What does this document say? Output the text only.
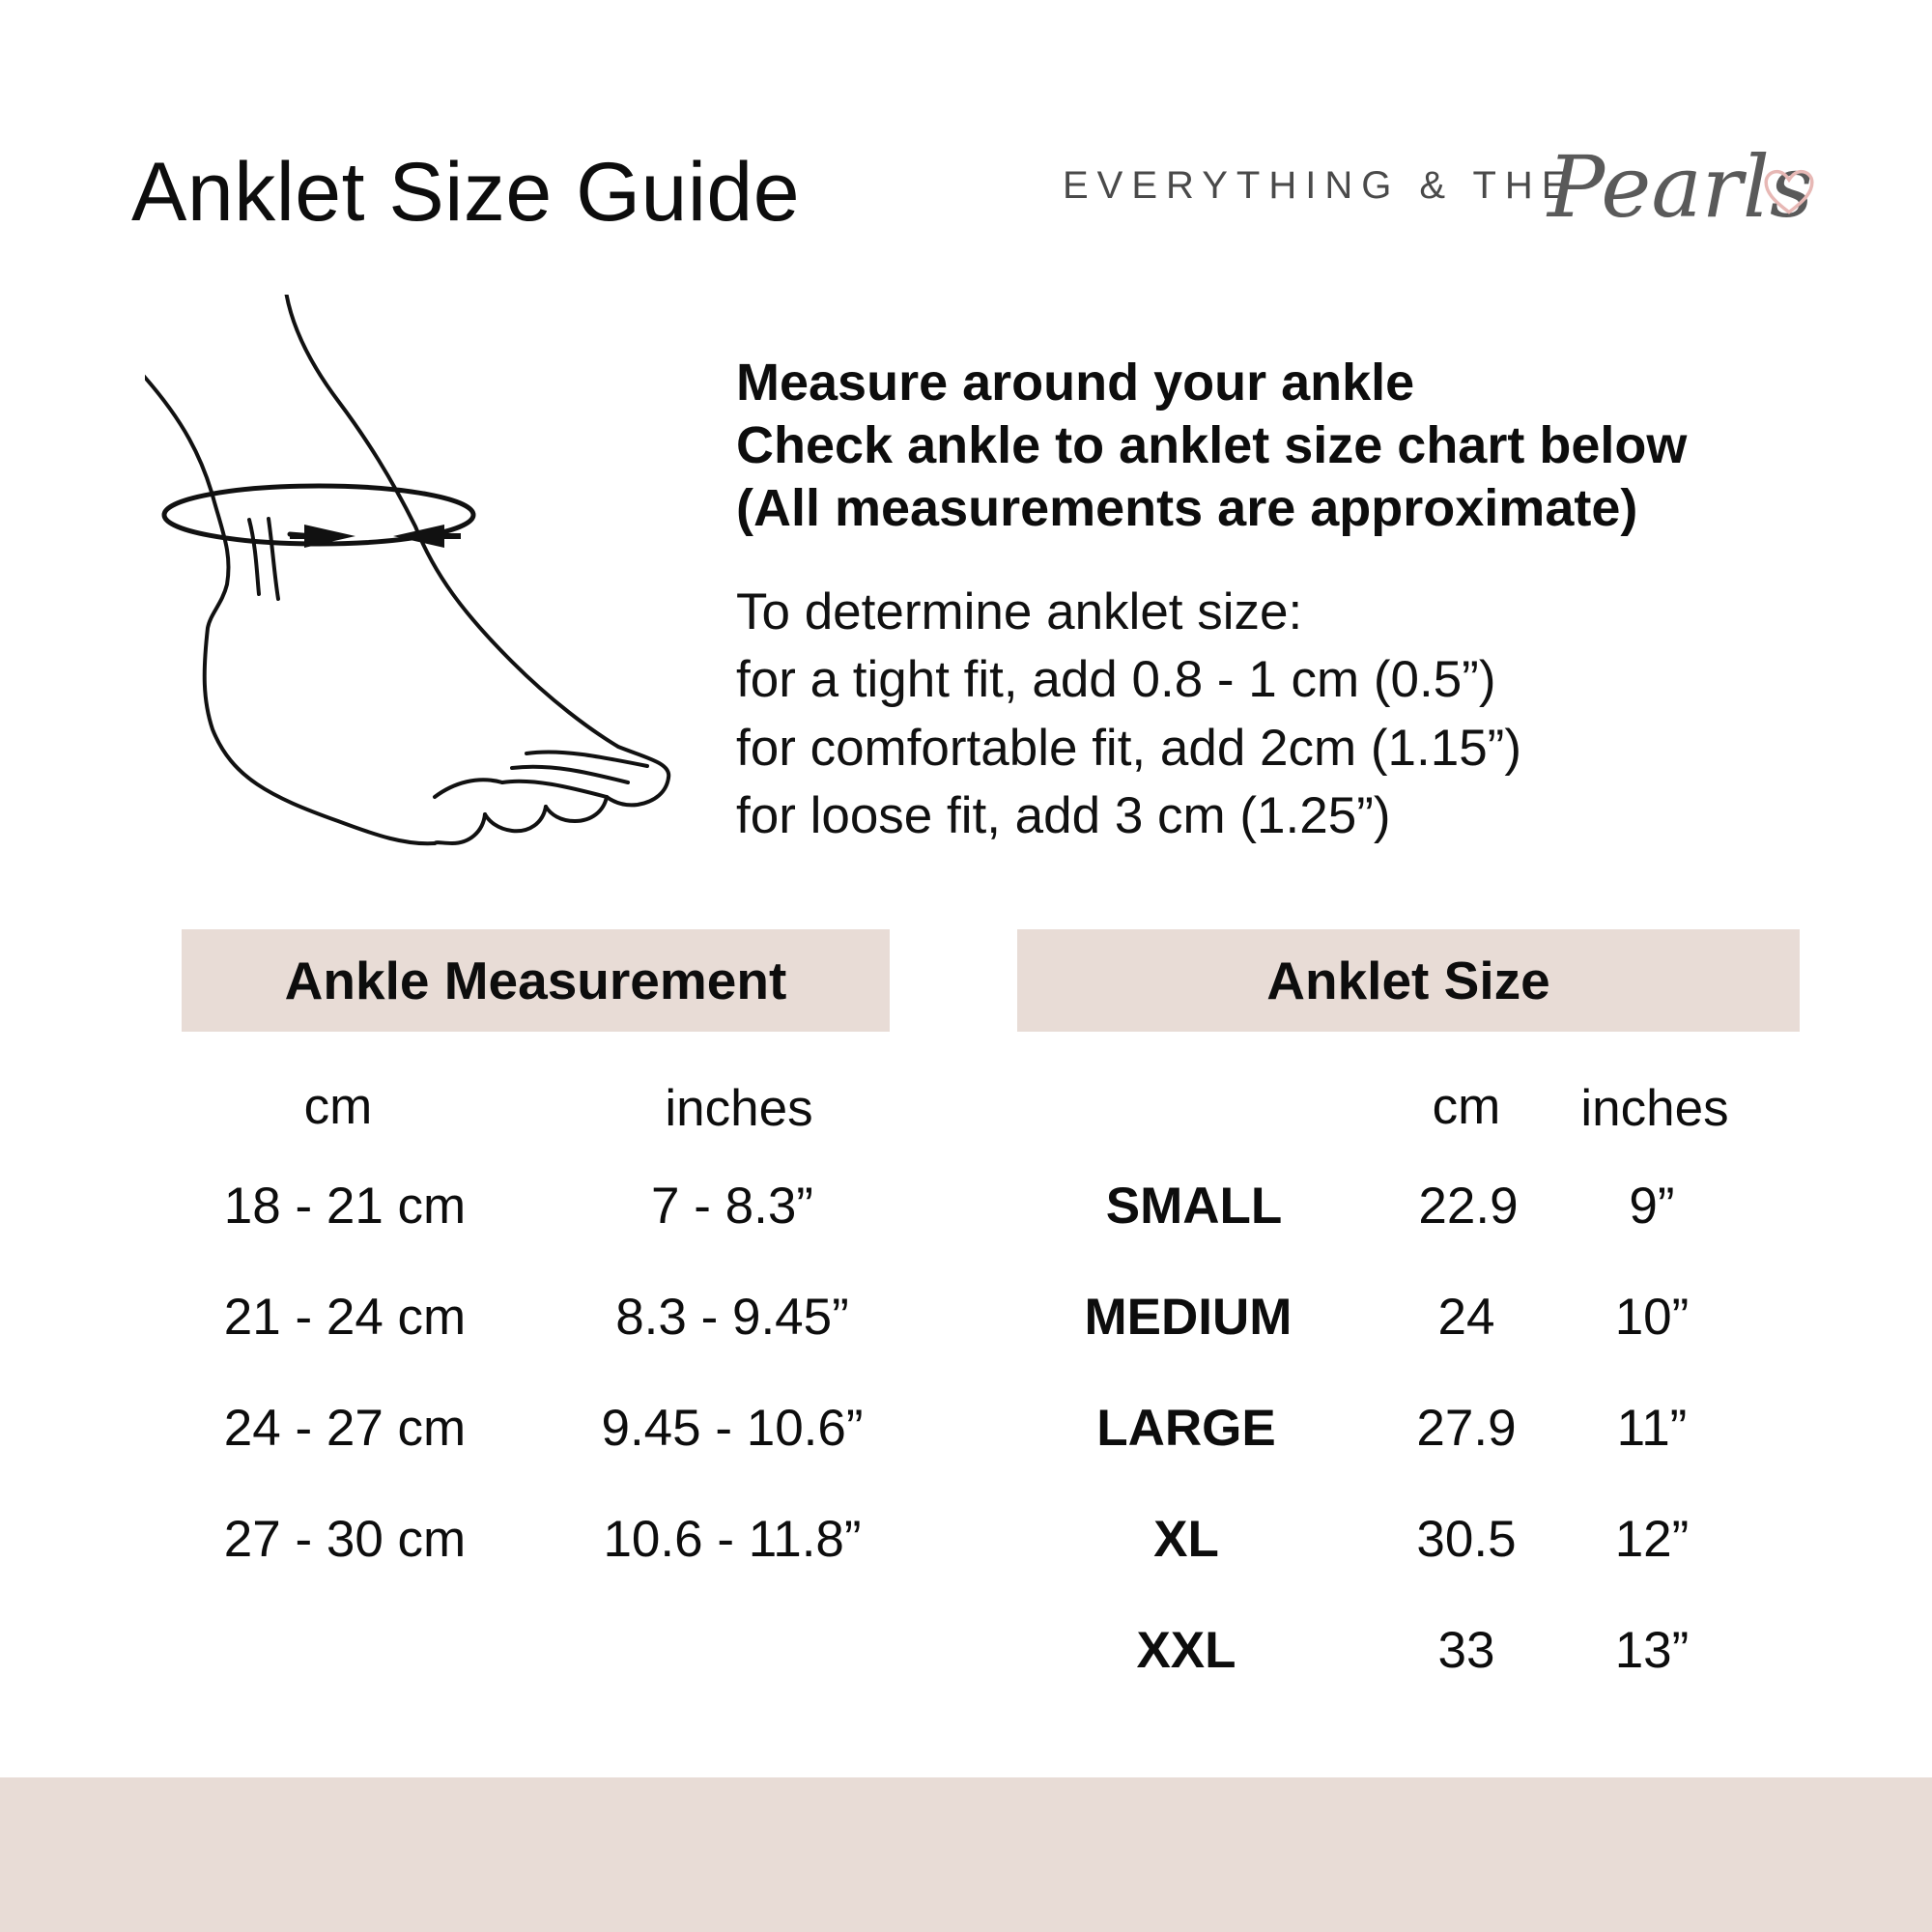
Anklet Size Guide	EVERYTHING & THE
Pearls
Measure around your ankle
Check ankle to anklet size chart below
(All measurements are approximate)
To determine anklet size:
for a tight fit, add 0.8 - 1 cm (0.5”)
for comfortable fit, add 2cm (1.15”)
for loose fit, add 3 cm (1.25”)
Ankle Measurement	Anklet Size
cm	inches
18 - 21 cm	7 - 8.3”
21 - 24 cm	8.3 - 9.45”
24 - 27 cm	9.45 - 10.6”
27 - 30 cm	10.6 - 11.8”
cm inches
SMALL	22.9 9”
MEDIUM	24 10”
LARGE	27.9 11”
XL	30.5 12”
XXL	33 13”
